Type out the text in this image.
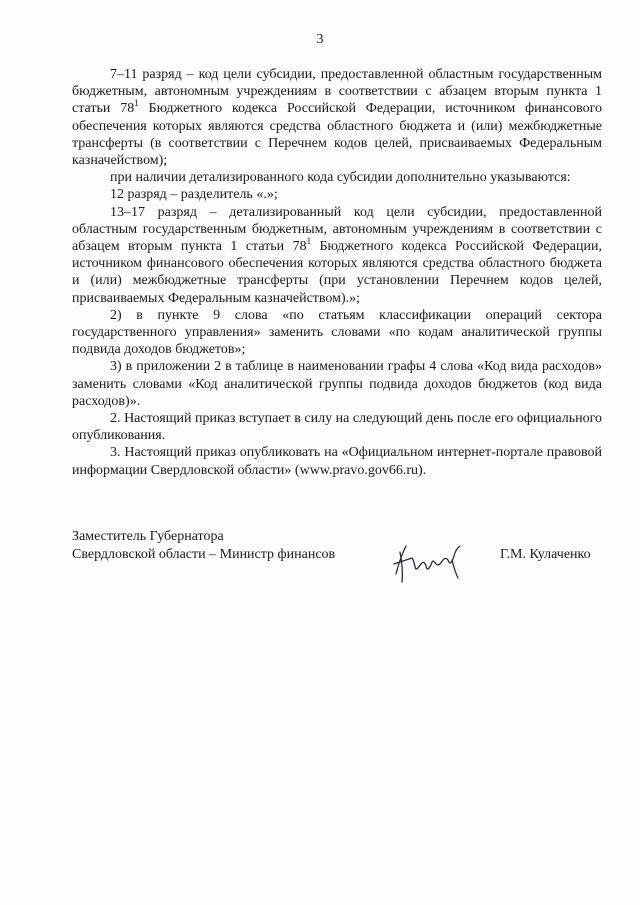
3

7–11 разряд – код цели субсидии, предоставленной областным государственным бюджетным, автономным учреждениям в соответствии с абзацем вторым пункта 1 статьи $78^1$ Бюджетного кодекса Российской Федерации, источником финансового обеспечения которых являются средства областного бюджета и (или) межбюджетные трансферты (в соответствии с Перечнем кодов целей, присваиваемых Федеральным казначейством);

при наличии детализированного кода субсидии дополнительно указываются:

12 разряд – разделитель «.»;

13–17 разряд – детализированный код цели субсидии, предоставленной областным государственным бюджетным, автономным учреждениям в соответствии с абзацем вторым пункта 1 статьи $78^1$ Бюджетного кодекса Российской Федерации, источником финансового обеспечения которых являются средства областного бюджета и (или) межбюджетные трансферты (при установлении Перечнем кодов целей, присваиваемых Федеральным казначейством).»;

2) в пункте 9 слова «по статьям классификации операций сектора государственного управления» заменить словами «по кодам аналитической группы подвида доходов бюджетов»;

3) в приложении 2 в таблице в наименовании графы 4 слова «Код вида расходов» заменить словами «Код аналитической группы подвида доходов бюджетов (код вида расходов)».

2. Настоящий приказ вступает в силу на следующий день после его официального опубликования.

3. Настоящий приказ опубликовать на «Официальном интернет-портале правовой информации Свердловской области» (www.pravo.gov66.ru).

Заместитель Губернатора
Свердловской области – Министр финансов	Г.М. Кулаченко
